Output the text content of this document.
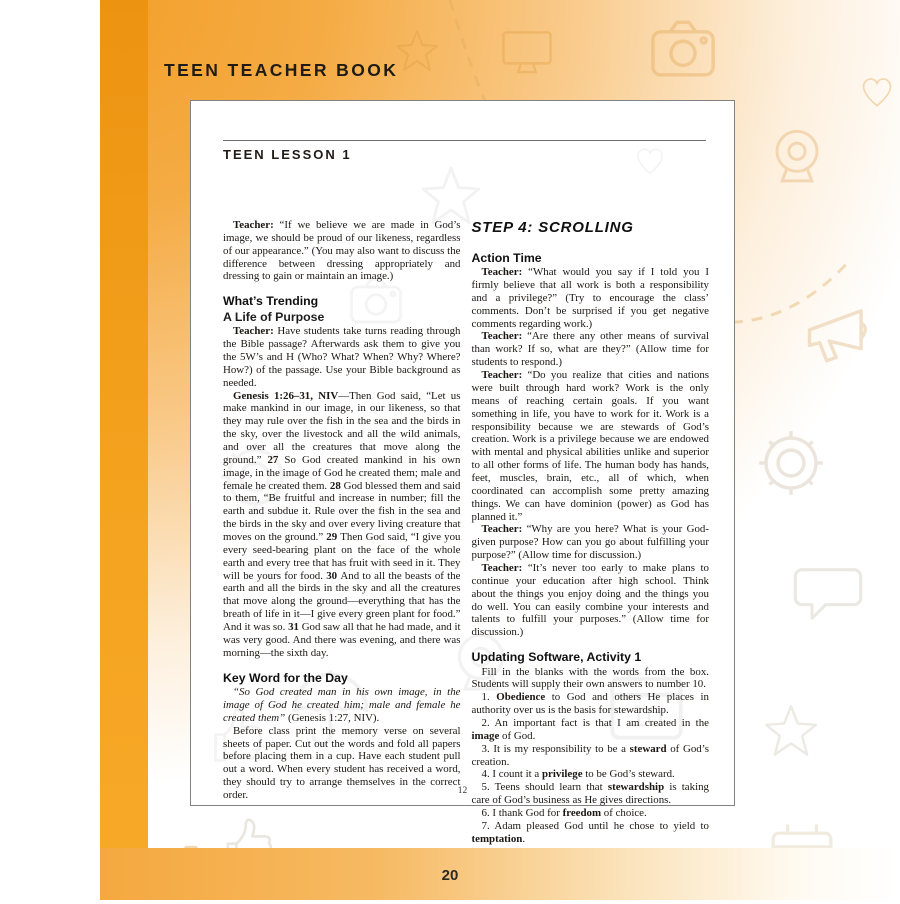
TEEN TEACHER BOOK
20
TEEN LESSON 1

Teacher: “If we believe we are made in God’s image, we should be proud of our likeness, regardless of our appearance.” (You may also want to discuss the difference between dressing appropriately and dressing to gain or maintain an image.)

What’s Trending
A Life of Purpose

Teacher: Have students take turns reading through the Bible passage? Afterwards ask them to give you the 5W’s and H (Who? What? When? Why? Where? How?) of the passage. Use your Bible background as needed.

Genesis 1:26–31, NIV—Then God said, “Let us make mankind in our image, in our likeness, so that they may rule over the fish in the sea and the birds in the sky, over the livestock and all the wild animals, and over all the creatures that move along the ground.” 27 So God created mankind in his own image, in the image of God he created them; male and female he created them. 28 God blessed them and said to them, “Be fruitful and increase in number; fill the earth and subdue it. Rule over the fish in the sea and the birds in the sky and over every living creature that moves on the ground.” 29 Then God said, “I give you every seed-bearing plant on the face of the whole earth and every tree that has fruit with seed in it. They will be yours for food. 30 And to all the beasts of the earth and all the birds in the sky and all the creatures that move along the ground—everything that has the breath of life in it—I give every green plant for food.” And it was so. 31 God saw all that he had made, and it was very good. And there was evening, and there was morning—the sixth day.

Key Word for the Day

“So God created man in his own image, in the image of God he created him; male and female he created them” (Genesis 1:27, NIV).

Before class print the memory verse on several sheets of paper. Cut out the words and fold all papers before placing them in a cup. Have each student pull out a word. When every student has received a word, they should try to arrange themselves in the correct order.

STEP 4: SCROLLING
Action Time

Teacher: “What would you say if I told you I firmly believe that all work is both a responsibility and a privilege?” (Try to encourage the class’ comments. Don’t be surprised if you get negative comments regarding work.)

Teacher: “Are there any other means of survival than work? If so, what are they?” (Allow time for students to respond.)

Teacher: “Do you realize that cities and nations were built through hard work? Work is the only means of reaching certain goals. If you want something in life, you have to work for it. Work is a responsibility because we are stewards of God’s creation. Work is a privilege because we are endowed with mental and physical abilities unlike and superior to all other forms of life. The human body has hands, feet, muscles, brain, etc., all of which, when coordinated can accomplish some pretty amazing things. We can have dominion (power) as God has planned it.”

Teacher: “Why are you here? What is your God-given purpose? How can you go about fulfilling your purpose?” (Allow time for discussion.)

Teacher: “It’s never too early to make plans to continue your education after high school. Think about the things you enjoy doing and the things you do well. You can easily combine your interests and talents to fulfill your purposes.” (Allow time for discussion.)

Updating Software, Activity 1

Fill in the blanks with the words from the box. Students will supply their own answers to number 10.

1. Obedience to God and others He places in authority over us is the basis for stewardship.

2. An important fact is that I am created in the image of God.

3. It is my responsibility to be a steward of God’s creation.

4. I count it a privilege to be God’s steward.

5. Teens should learn that stewardship is taking care of God’s business as He gives directions.

6. I thank God for freedom of choice.

7. Adam pleased God until he chose to yield to temptation.

12
